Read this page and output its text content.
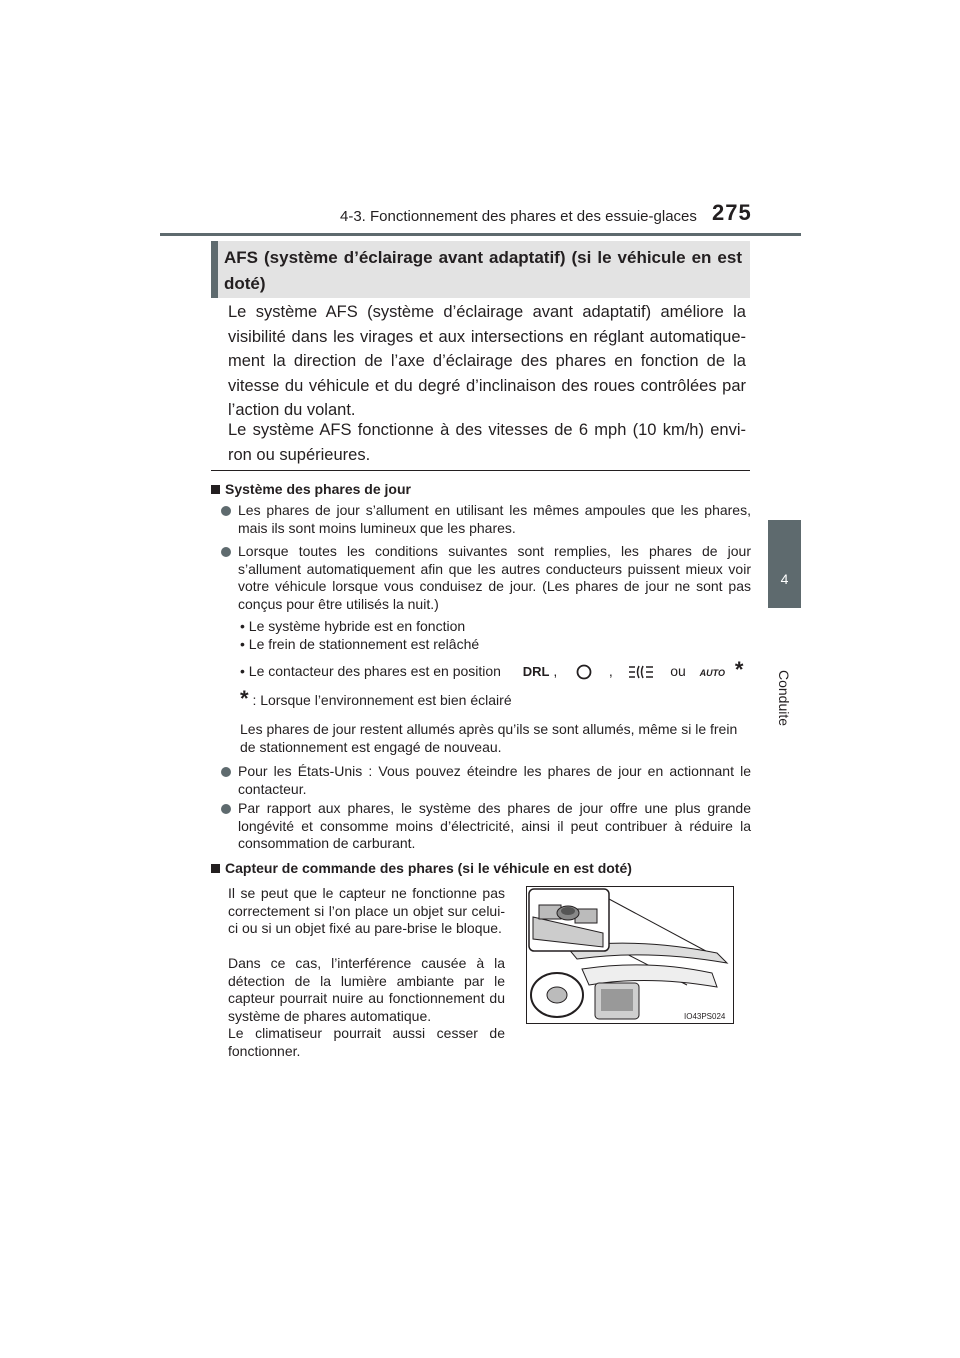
4-3. Fonctionnement des phares et des essuie-glaces 275
4
Conduite
AFS (système d’éclairage avant adaptatif) (si le véhicule en est doté)
Le système AFS (système d’éclairage avant adaptatif) améliore la visibilité dans les virages et aux intersections en réglant automatique-ment la direction de l’axe d’éclairage des phares en fonction de la vitesse du véhicule et du degré d’inclinaison des roues contrôlées par l’action du volant.
Le système AFS fonctionne à des vitesses de 6 mph (10 km/h) envi-ron ou supérieures.
Système des phares de jour
Les phares de jour s’allument en utilisant les mêmes ampoules que les phares, mais ils sont moins lumineux que les phares.
Lorsque toutes les conditions suivantes sont remplies, les phares de jour s’allument automatiquement afin que les autres conducteurs puissent mieux voir votre véhicule lorsque vous conduisez de jour. (Les phares de jour ne sont pas conçus pour être utilisés la nuit.)
• Le système hybride est en fonction
• Le frein de stationnement est relâché
• Le contacteur des phares est en position DRL ,	,	ou AUTO *
* : Lorsque l’environnement est bien éclairé
Les phares de jour restent allumés après qu’ils se sont allumés, même si le frein de stationnement est engagé de nouveau.
Pour les États-Unis : Vous pouvez éteindre les phares de jour en actionnant le contacteur.
Par rapport aux phares, le système des phares de jour offre une plus grande longévité et consomme moins d’électricité, ainsi il peut contribuer à réduire la consommation de carburant.
Capteur de commande des phares (si le véhicule en est doté)
Il se peut que le capteur ne fonctionne pas correctement si l’on place un objet sur celui-ci ou si un objet fixé au pare-brise le bloque.
Dans ce cas, l’interférence causée à la détection de la lumière ambiante par le capteur pourrait nuire au fonctionnement du système de phares automatique.
Le climatiseur pourrait aussi cesser de fonctionner.
IO43PS024
